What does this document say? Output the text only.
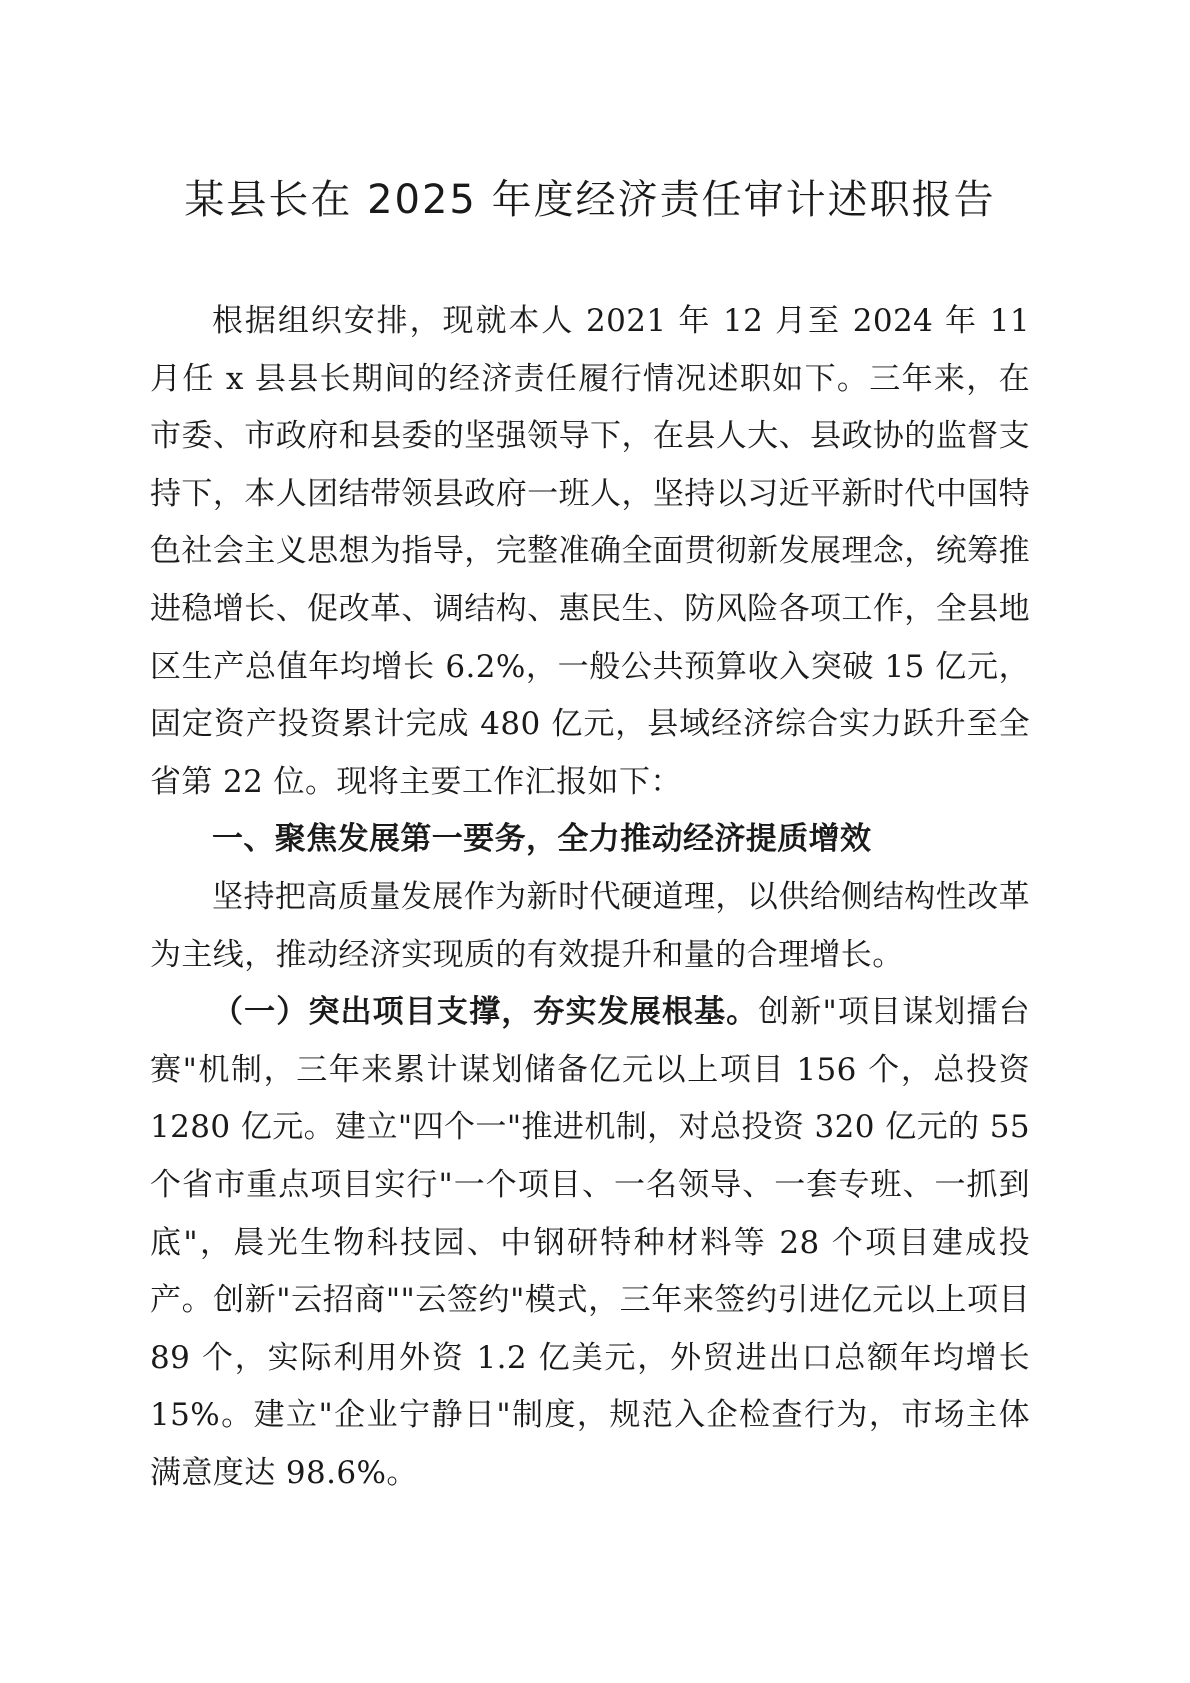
某县长在 2025 年度经济责任审计述职报告

根据组织安排，现就本人 2021 年 12 月至 2024 年 11 月任 x 县县长期间的经济责任履行情况述职如下。三年来，在市委、市政府和县委的坚强领导下，在县人大、县政协的监督支持下，本人团结带领县政府一班人，坚持以习近平新时代中国特色社会主义思想为指导，完整准确全面贯彻新发展理念，统筹推进稳增长、促改革、调结构、惠民生、防风险各项工作，全县地区生产总值年均增长 6.2%，一般公共预算收入突破 15 亿元，固定资产投资累计完成 480 亿元，县域经济综合实力跃升至全省第 22 位。现将主要工作汇报如下：

一、聚焦发展第一要务，全力推动经济提质增效

坚持把高质量发展作为新时代硬道理，以供给侧结构性改革为主线，推动经济实现质的有效提升和量的合理增长。

（一）突出项目支撑，夯实发展根基。创新"项目谋划擂台赛"机制，三年来累计谋划储备亿元以上项目 156 个，总投资 1280 亿元。建立"四个一"推进机制，对总投资 320 亿元的 55 个省市重点项目实行"一个项目、一名领导、一套专班、一抓到底"，晨光生物科技园、中钢研特种材料等 28 个项目建成投产。创新"云招商""云签约"模式，三年来签约引进亿元以上项目 89 个，实际利用外资 1.2 亿美元，外贸进出口总额年均增长 15%。建立"企业宁静日"制度，规范入企检查行为，市场主体满意度达 98.6%。
